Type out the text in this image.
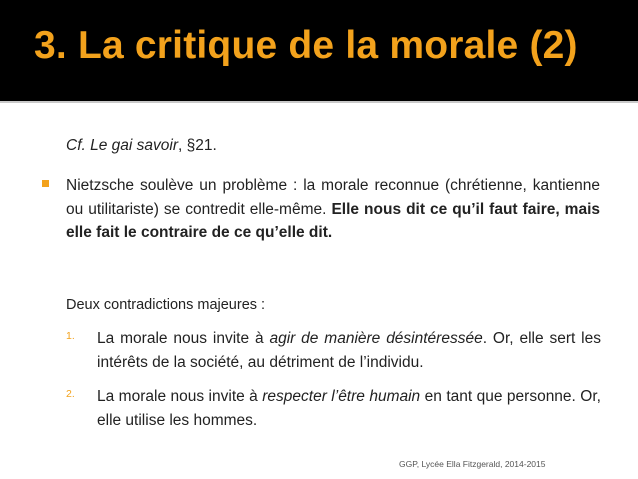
3. La critique de la morale (2)
Cf. Le gai savoir, §21.
Nietzsche soulève un problème : la morale reconnue (chrétienne, kantienne ou utilitariste) se contredit elle-même. Elle nous dit ce qu’il faut faire, mais elle fait le contraire de ce qu’elle dit.
Deux contradictions majeures :
1. La morale nous invite à agir de manière désintéressée. Or, elle sert les intérêts de la société, au détriment de l’individu.
2. La morale nous invite à respecter l’être humain en tant que personne. Or, elle utilise les hommes.
GGP, Lycée Ella Fitzgerald, 2014-2015
